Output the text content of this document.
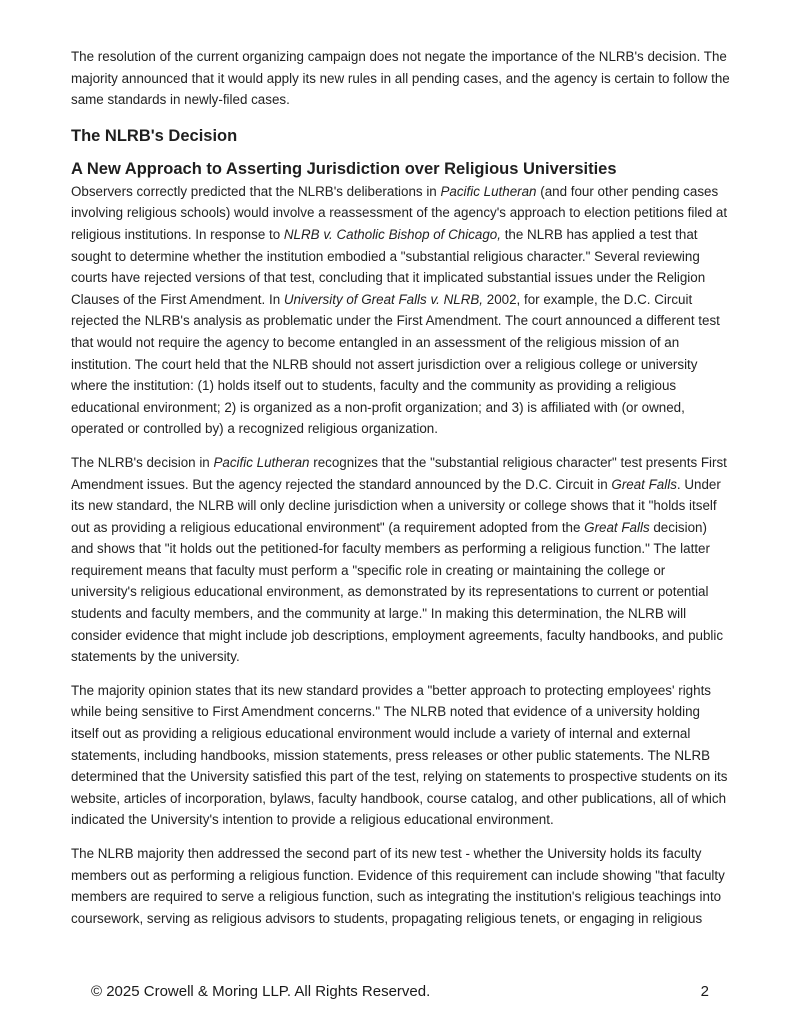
The resolution of the current organizing campaign does not negate the importance of the NLRB's decision. The majority announced that it would apply its new rules in all pending cases, and the agency is certain to follow the same standards in newly-filed cases.

The NLRB's Decision
A New Approach to Asserting Jurisdiction over Religious Universities

Observers correctly predicted that the NLRB's deliberations in Pacific Lutheran (and four other pending cases involving religious schools) would involve a reassessment of the agency's approach to election petitions filed at religious institutions. In response to NLRB v. Catholic Bishop of Chicago, the NLRB has applied a test that sought to determine whether the institution embodied a "substantial religious character." Several reviewing courts have rejected versions of that test, concluding that it implicated substantial issues under the Religion Clauses of the First Amendment. In University of Great Falls v. NLRB, 2002, for example, the D.C. Circuit rejected the NLRB's analysis as problematic under the First Amendment. The court announced a different test that would not require the agency to become entangled in an assessment of the religious mission of an institution. The court held that the NLRB should not assert jurisdiction over a religious college or university where the institution: (1) holds itself out to students, faculty and the community as providing a religious educational environment; 2) is organized as a non-profit organization; and 3) is affiliated with (or owned, operated or controlled by) a recognized religious organization.

The NLRB's decision in Pacific Lutheran recognizes that the "substantial religious character" test presents First Amendment issues. But the agency rejected the standard announced by the D.C. Circuit in Great Falls. Under its new standard, the NLRB will only decline jurisdiction when a university or college shows that it "holds itself out as providing a religious educational environment" (a requirement adopted from the Great Falls decision) and shows that "it holds out the petitioned-for faculty members as performing a religious function." The latter requirement means that faculty must perform a "specific role in creating or maintaining the college or university's religious educational environment, as demonstrated by its representations to current or potential students and faculty members, and the community at large." In making this determination, the NLRB will consider evidence that might include job descriptions, employment agreements, faculty handbooks, and public statements by the university.

The majority opinion states that its new standard provides a "better approach to protecting employees' rights while being sensitive to First Amendment concerns." The NLRB noted that evidence of a university holding itself out as providing a religious educational environment would include a variety of internal and external statements, including handbooks, mission statements, press releases or other public statements. The NLRB determined that the University satisfied this part of the test, relying on statements to prospective students on its website, articles of incorporation, bylaws, faculty handbook, course catalog, and other publications, all of which indicated the University's intention to provide a religious educational environment.

The NLRB majority then addressed the second part of its new test - whether the University holds its faculty members out as performing a religious function. Evidence of this requirement can include showing "that faculty members are required to serve a religious function, such as integrating the institution's religious teachings into coursework, serving as religious advisors to students, propagating religious tenets, or engaging in religious

© 2025 Crowell & Moring LLP. All Rights Reserved.	2
